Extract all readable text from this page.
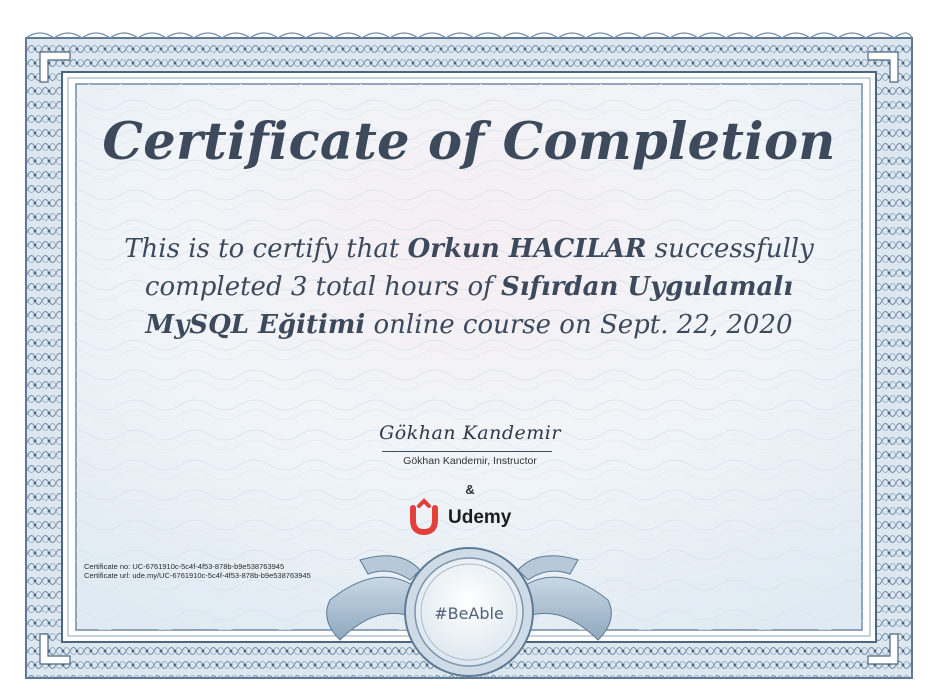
Certificate of Completion
This is to certify that Orkun HACILAR successfully completed 3 total hours of Sıfırdan Uygulamalı MySQL Eğitimi online course on Sept. 22, 2020
Gökhan Kandemir
Gökhan Kandemir, Instructor
&
Udemy
Certificate no: UC-6761910c-5c4f-4f53-878b-b9e538763945
Certificate url: ude.my/UC-6761910c-5c4f-4f53-878b-b9e538763945
#BeAble
